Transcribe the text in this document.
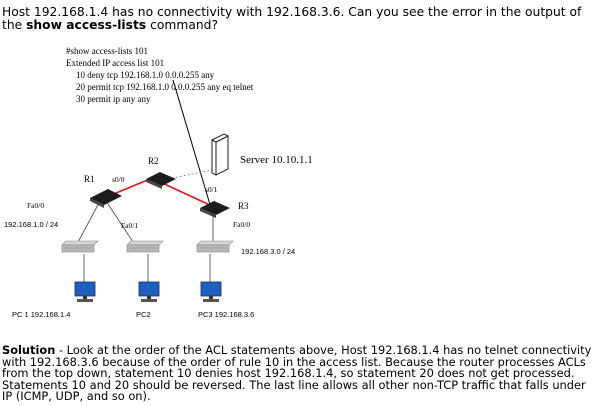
Host 192.168.1.4 has no connectivity with 192.168.3.6. Can you see the error in the output of the show access-lists command?
#show access-lists 101
Extended IP access list 101
10 deny tcp 192.168.1.0 0.0.0.255 any
20 permit tcp 192.168.1.0 0.0.0.255 any eq telnet
30 permit ip any any
R2
R1
R3
s0/0
s0/1
Fa0/0
Fa0/1	Fa0/0
192.168.1.0 / 24
192.168.3.0 / 24
Server 10.10.1.1
PC 1 192.168.1.4	PC2	PC3 192.168.3.6
Solution - Look at the order of the ACL statements above, Host 192.168.1.4 has no telnet connectivity with 192.168.3.6 because of the order of rule 10 in the access list. Because the router processes ACLs from the top down, statement 10 denies host 192.168.1.4, so statement 20 does not get processed. Statements 10 and 20 should be reversed. The last line allows all other non-TCP traffic that falls under IP (ICMP, UDP, and so on).
